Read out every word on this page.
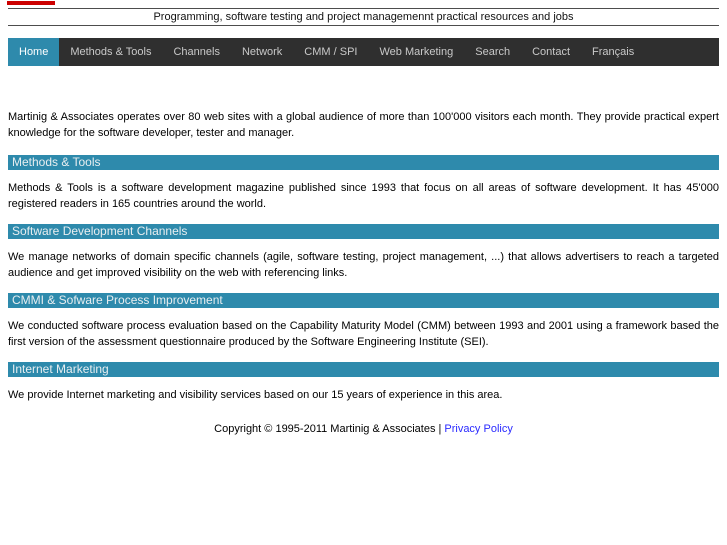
Programming, software testing and project managemennt practical resources and jobs
Home	Methods & Tools	Channels	Network	CMM / SPI	Web Marketing	Search	Contact	Français

Martinig & Associates operates over 80 web sites with a global audience of more than 100'000 visitors each month. They provide practical expert knowledge for the software developer, tester and manager.

Methods & Tools

Methods & Tools is a software development magazine published since 1993 that focus on all areas of software development. It has 45'000 registered readers in 165 countries around the world.

Software Development Channels

We manage networks of domain specific channels (agile, software testing, project management, ...) that allows advertisers to reach a targeted audience and get improved visibility on the web with referencing links.

CMMI & Sofware Process Improvement

We conducted software process evaluation based on the Capability Maturity Model (CMM) between 1993 and 2001 using a framework based the first version of the assessment questionnaire produced by the Software Engineering Institute (SEI).

Internet Marketing

We provide Internet marketing and visibility services based on our 15 years of experience in this area.

Copyright © 1995-2011 Martinig & Associates | Privacy Policy
